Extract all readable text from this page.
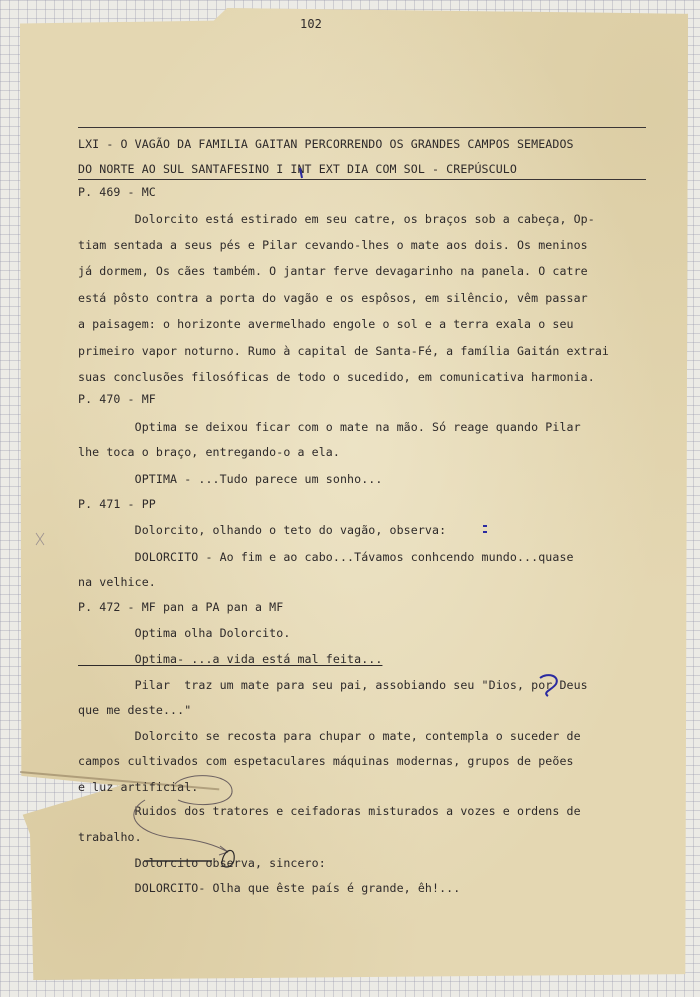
102
LXI - O VAGÃO DA FAMILIA GAITAN PERCORRENDO OS GRANDES CAMPOS SEMEADOS
DO NORTE AO SUL SANTAFESINO I INT EXT DIA COM SOL - CREPÚSCULO
P. 469 - MC
Dolorcito está estirado em seu catre, os braços sob a cabeça, Op-
tiam sentada a seus pés e Pilar cevando-lhes o mate aos dois. Os meninos
já dormem, Os cães também. O jantar ferve devagarinho na panela. O catre
está pôsto contra a porta do vagão e os espôsos, em silêncio, vêm passar
a paisagem: o horizonte avermelhado engole o sol e a terra exala o seu
primeiro vapor noturno. Rumo à capital de Santa-Fé, a família Gaitán extrai
suas conclusões filosóficas de todo o sucedido, em comunicativa harmonia.
P. 470 - MF
Optima se deixou ficar com o mate na mão. Só reage quando Pilar
lhe toca o braço, entregando-o a ela.
OPTIMA - ...Tudo parece um sonho...
P. 471 - PP
Dolorcito, olhando o teto do vagão, observa:
DOLORCITO - Ao fim e ao cabo...Távamos conhcendo mundo...quase
na velhice.
P. 472 - MF pan a PA pan a MF
Optima olha Dolorcito.
Optima- ...a vida está mal feita...
Pilar  traz um mate para seu pai, assobiando seu "Dios, por Deus
que me deste..."
Dolorcito se recosta para chupar o mate, contempla o suceder de
campos cultivados com espetaculares máquinas modernas, grupos de peões
e luz artificial.
Ruidos dos tratores e ceifadoras misturados a vozes e ordens de
trabalho.
Dolorcito observa, sincero:
DOLORCITO- Olha que êste país é grande, êh!...
